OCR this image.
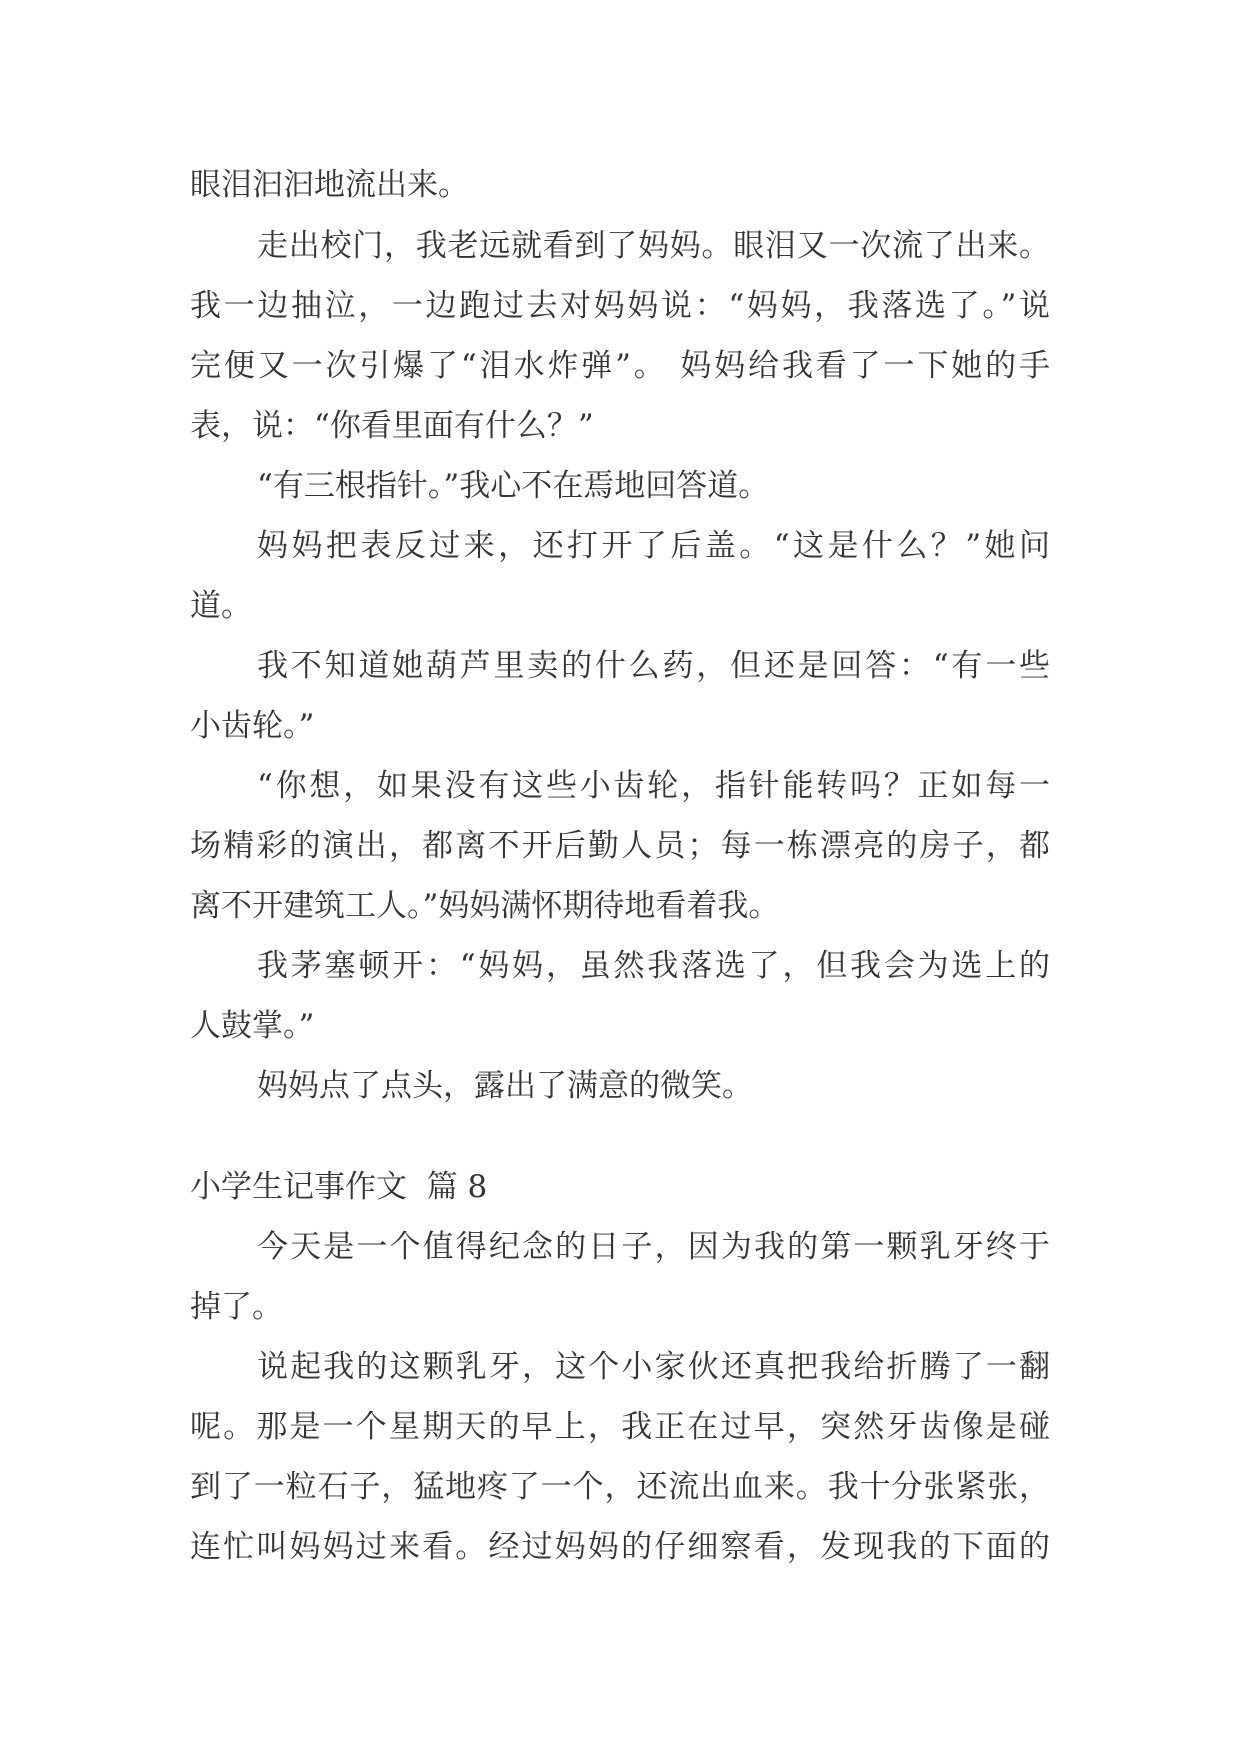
眼泪汩汩地流出来。

走出校门，我老远就看到了妈妈。眼泪又一次流了出来。

我一边抽泣，一边跑过去对妈妈说：“妈妈，我落选了。”说

完便又一次引爆了“泪水炸弹”。 妈妈给我看了一下她的手

表，说：“你看里面有什么？”

“有三根指针。”我心不在焉地回答道。

妈妈把表反过来，还打开了后盖。“这是什么？”她问

道。

我不知道她葫芦里卖的什么药，但还是回答：“有一些

小齿轮。”

“你想，如果没有这些小齿轮，指针能转吗？正如每一

场精彩的演出，都离不开后勤人员；每一栋漂亮的房子，都

离不开建筑工人。”妈妈满怀期待地看着我。

我茅塞顿开：“妈妈，虽然我落选了，但我会为选上的

人鼓掌。”

妈妈点了点头，露出了满意的微笑。

小学生记事作文  篇 8

今天是一个值得纪念的日子，因为我的第一颗乳牙终于

掉了。

说起我的这颗乳牙，这个小家伙还真把我给折腾了一翻

呢。那是一个星期天的早上，我正在过早，突然牙齿像是碰

到了一粒石子，猛地疼了一个，还流出血来。我十分张紧张，

连忙叫妈妈过来看。经过妈妈的仔细察看，发现我的下面的
